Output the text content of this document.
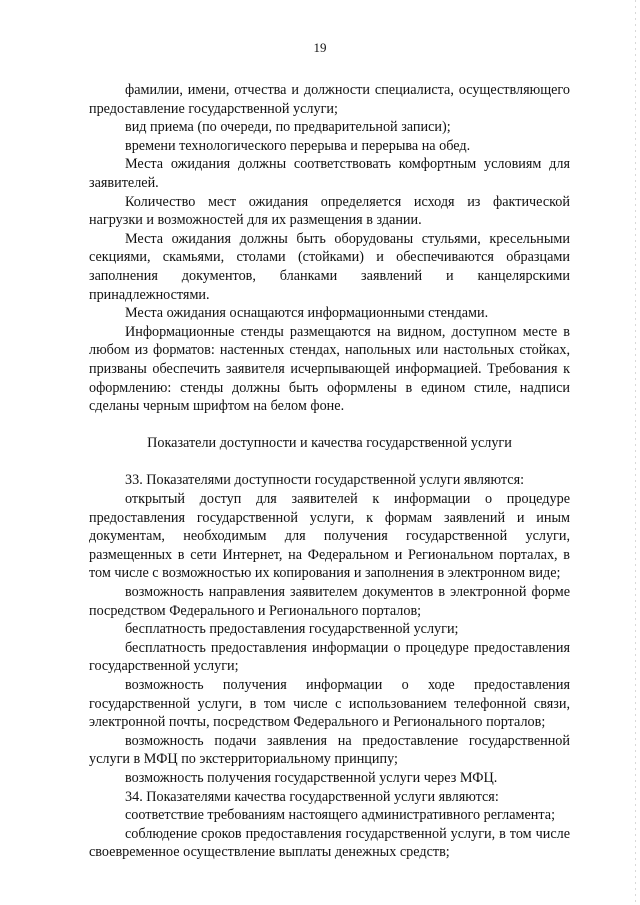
19

фамилии, имени, отчества и должности специалиста, осуществляющего предоставление государственной услуги;

вид приема (по очереди, по предварительной записи);

времени технологического перерыва и перерыва на обед.

Места ожидания должны соответствовать комфортным условиям для заявителей.

Количество мест ожидания определяется исходя из фактической нагрузки и возможностей для их размещения в здании.

Места ожидания должны быть оборудованы стульями, кресельными секциями, скамьями, столами (стойками) и обеспечиваются образцами заполнения документов, бланками заявлений и канцелярскими принадлежностями.

Места ожидания оснащаются информационными стендами.

Информационные стенды размещаются на видном, доступном месте в любом из форматов: настенных стендах, напольных или настольных стойках, призваны обеспечить заявителя исчерпывающей информацией. Требования к оформлению: стенды должны быть оформлены в едином стиле, надписи сделаны черным шрифтом на белом фоне.

Показатели доступности и качества государственной услуги

33. Показателями доступности государственной услуги являются:

открытый доступ для заявителей к информации о процедуре предоставления государственной услуги, к формам заявлений и иным документам, необходимым для получения государственной услуги, размещенных в сети Интернет, на Федеральном и Региональном порталах, в том числе с возможностью их копирования и заполнения в электронном виде;

возможность направления заявителем документов в электронной форме посредством Федерального и Регионального порталов;

бесплатность предоставления государственной услуги;

бесплатность предоставления информации о процедуре предоставления государственной услуги;

возможность получения информации о ходе предоставления государственной услуги, в том числе с использованием телефонной связи, электронной почты, посредством Федерального и Регионального порталов;

возможность подачи заявления на предоставление государственной услуги в МФЦ по экстерриториальному принципу;

возможность получения государственной услуги через МФЦ.

34. Показателями качества государственной услуги являются:

соответствие требованиям настоящего административного регламента;

соблюдение сроков предоставления государственной услуги, в том числе своевременное осуществление выплаты денежных средств;
